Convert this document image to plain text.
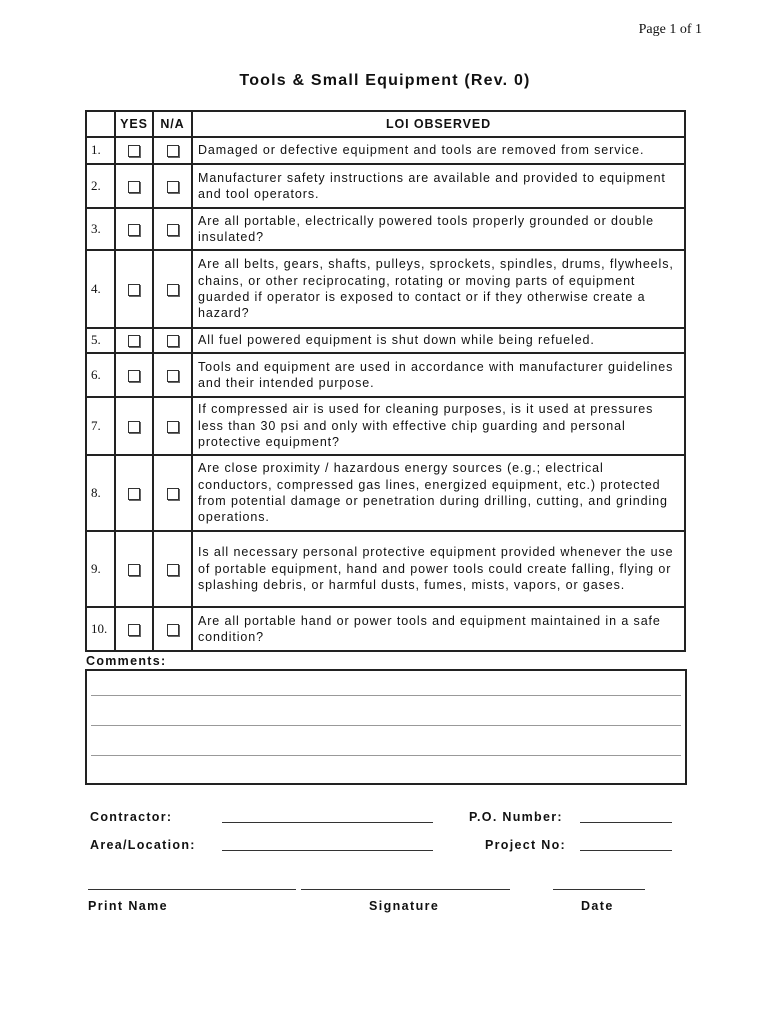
Page 1 of 1
Tools & Small Equipment (Rev. 0)
	YES	N/A	LOI OBSERVED
1.			Damaged or defective equipment and tools are removed from service.
2.			Manufacturer safety instructions are available and provided to equipment and tool operators.
3.			Are all portable, electrically powered tools properly grounded or double insulated?
4.			Are all belts, gears, shafts, pulleys, sprockets, spindles, drums, flywheels, chains, or other reciprocating, rotating or moving parts of equipment guarded if operator is exposed to contact or if they otherwise create a hazard?
5.			All fuel powered equipment is shut down while being refueled.
6.			Tools and equipment are used in accordance with manufacturer guidelines and their intended purpose.
7.			If compressed air is used for cleaning purposes, is it used at pressures less than 30 psi and only with effective chip guarding and personal protective equipment?
8.			Are close proximity / hazardous energy sources (e.g.; electrical conductors, compressed gas lines, energized equipment, etc.) protected from potential damage or penetration during drilling, cutting, and grinding operations.
9.			Is all necessary personal protective equipment provided whenever the use of portable equipment, hand and power tools could create falling, flying or splashing debris, or harmful dusts, fumes, mists, vapors, or gases.
10.			Are all portable hand or power tools and equipment maintained in a safe condition?
Comments:
Contractor:	P.O. Number:
Area/Location:	Project No:
Print Name	Signature	Date
